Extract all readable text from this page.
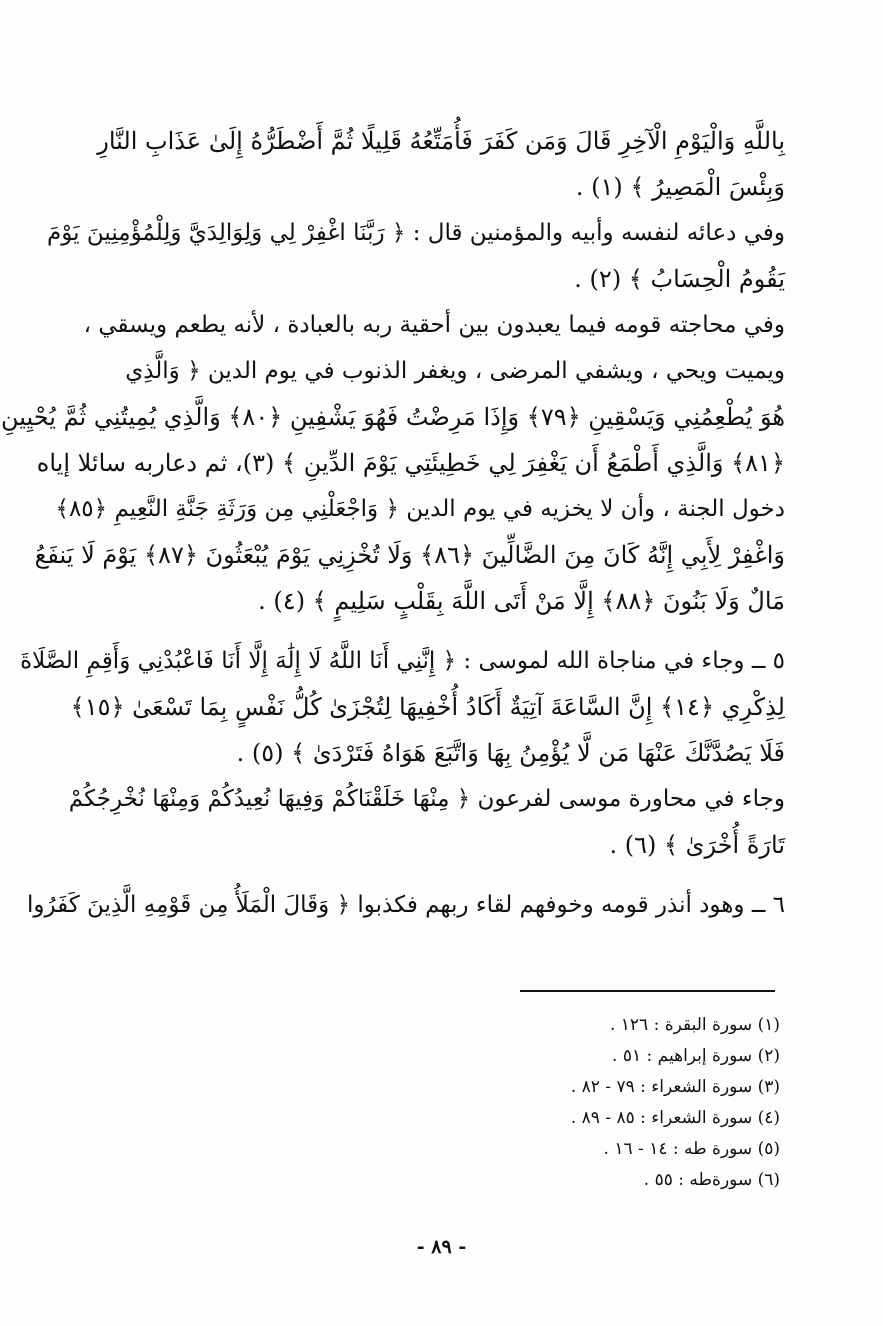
بِاللَّهِ وَالْيَوْمِ الْآخِرِ قَالَ وَمَن كَفَرَ فَأُمَتِّعُهُ قَلِيلًا ثُمَّ أَضْطَرُّهُ إِلَىٰ عَذَابِ النَّارِ
وَبِئْسَ الْمَصِيرُ ﴾ (١) .
وفي دعائه لنفسه وأبيه والمؤمنين قال : ﴿ رَبَّنَا اغْفِرْ لِي وَلِوَالِدَيَّ وَلِلْمُؤْمِنِينَ يَوْمَ
يَقُومُ الْحِسَابُ ﴾ (٢) .
وفي محاجته قومه فيما يعبدون بين أحقية ربه بالعبادة ، لأنه يطعم ويسقي ،
ويميت ويحي ، ويشفي المرضى ، ويغفر الذنوب في يوم الدين ﴿ وَالَّذِي
هُوَ يُطْعِمُنِي وَيَسْقِينِ ﴿٧٩﴾ وَإِذَا مَرِضْتُ فَهُوَ يَشْفِينِ ﴿٨٠﴾ وَالَّذِي يُمِيتُنِي ثُمَّ يُحْيِينِ
﴿٨١﴾ وَالَّذِي أَطْمَعُ أَن يَغْفِرَ لِي خَطِيئَتِي يَوْمَ الدِّينِ ﴾ (٣)، ثم دعاربه سائلا إياه
دخول الجنة ، وأن لا يخزيه في يوم الدين ﴿ وَاجْعَلْنِي مِن وَرَثَةِ جَنَّةِ النَّعِيمِ ﴿٨٥﴾
وَاغْفِرْ لِأَبِي إِنَّهُ كَانَ مِنَ الضَّالِّينَ ﴿٨٦﴾ وَلَا تُخْزِنِي يَوْمَ يُبْعَثُونَ ﴿٨٧﴾ يَوْمَ لَا يَنفَعُ
مَالٌ وَلَا بَنُونَ ﴿٨٨﴾ إِلَّا مَنْ أَتَى اللَّهَ بِقَلْبٍ سَلِيمٍ ﴾ (٤) .
٥ ــ وجاء في مناجاة الله لموسى : ﴿ إِنَّنِي أَنَا اللَّهُ لَا إِلَٰهَ إِلَّا أَنَا فَاعْبُدْنِي وَأَقِمِ الصَّلَاةَ
لِذِكْرِي ﴿١٤﴾ إِنَّ السَّاعَةَ آتِيَةٌ أَكَادُ أُخْفِيهَا لِتُجْزَىٰ كُلُّ نَفْسٍ بِمَا تَسْعَىٰ ﴿١٥﴾
فَلَا يَصُدَّنَّكَ عَنْهَا مَن لَّا يُؤْمِنُ بِهَا وَاتَّبَعَ هَوَاهُ فَتَرْدَىٰ ﴾ (٥) .
وجاء في محاورة موسى لفرعون ﴿ مِنْهَا خَلَقْنَاكُمْ وَفِيهَا نُعِيدُكُمْ وَمِنْهَا نُخْرِجُكُمْ
تَارَةً أُخْرَىٰ ﴾ (٦) .
٦ ــ وهود أنذر قومه وخوفهم لقاء ربهم فكذبوا ﴿ وَقَالَ الْمَلَأُ مِن قَوْمِهِ الَّذِينَ كَفَرُوا
(١) سورة البقرة : ١٢٦ .
(٢) سورة إبراهيم : ٥١ .
(٣) سورة الشعراء : ٧٩ - ٨٢ .
(٤) سورة الشعراء : ٨٥ - ٨٩ .
(٥) سورة طه : ١٤ - ١٦ .
(٦) سورةطه : ٥٥ .
- ٨٩ -
